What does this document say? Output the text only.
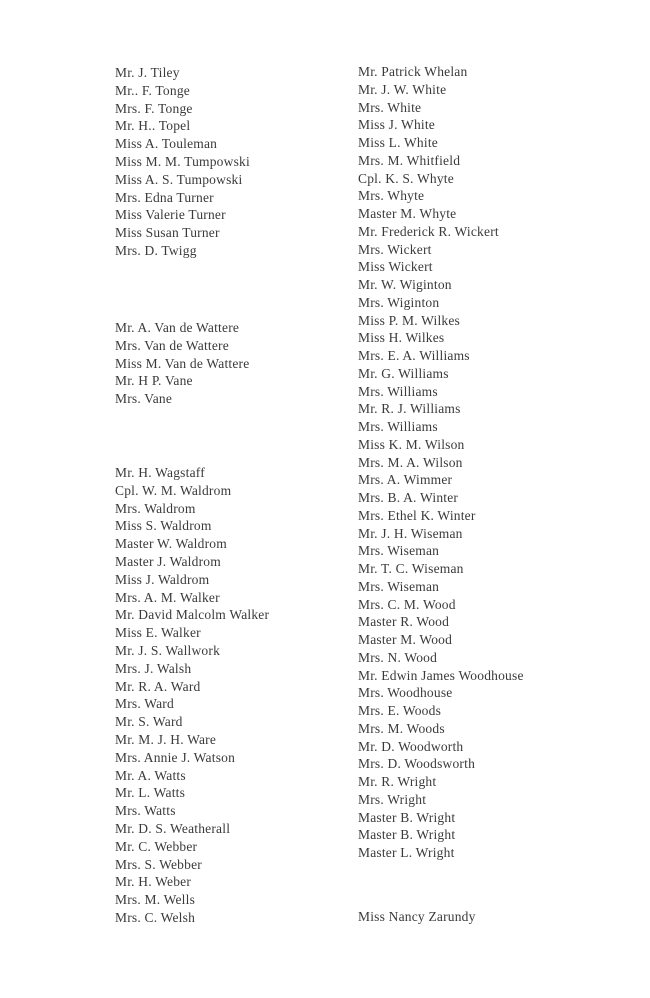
Mr. J. Tiley
Mr.. F. Tonge
Mrs. F. Tonge
Mr. H.. Topel
Miss A. Touleman
Miss M. M. Tumpowski
Miss A. S. Tumpowski
Mrs. Edna Turner
Miss Valerie Turner
Miss Susan Turner
Mrs. D. Twigg
Mr. A. Van de Wattere
Mrs. Van de Wattere
Miss M. Van de Wattere
Mr. H P. Vane
Mrs. Vane
Mr. H. Wagstaff
Cpl. W. M. Waldrom
Mrs. Waldrom
Miss S. Waldrom
Master W. Waldrom
Master J. Waldrom
Miss J. Waldrom
Mrs. A. M. Walker
Mr. David Malcolm Walker
Miss E. Walker
Mr. J. S. Wallwork
Mrs. J. Walsh
Mr. R. A. Ward
Mrs. Ward
Mr. S. Ward
Mr. M. J. H. Ware
Mrs. Annie J. Watson
Mr. A. Watts
Mr. L. Watts
Mrs. Watts
Mr. D. S. Weatherall
Mr. C. Webber
Mrs. S. Webber
Mr. H. Weber
Mrs. M. Wells
Mrs. C. Welsh
Mr. Patrick Whelan
Mr. J. W. White
Mrs. White
Miss J. White
Miss L. White
Mrs. M. Whitfield
Cpl. K. S. Whyte
Mrs. Whyte
Master M. Whyte
Mr. Frederick R. Wickert
Mrs. Wickert
Miss Wickert
Mr. W. Wiginton
Mrs. Wiginton
Miss P. M. Wilkes
Miss H. Wilkes
Mrs. E. A. Williams
Mr. G. Williams
Mrs. Williams
Mr. R. J. Williams
Mrs. Williams
Miss K. M. Wilson
Mrs. M. A. Wilson
Mrs. A. Wimmer
Mrs. B. A. Winter
Mrs. Ethel K. Winter
Mr. J. H. Wiseman
Mrs. Wiseman
Mr. T. C. Wiseman
Mrs. Wiseman
Mrs. C. M. Wood
Master R. Wood
Master M. Wood
Mrs. N. Wood
Mr. Edwin James Woodhouse
Mrs. Woodhouse
Mrs. E. Woods
Mrs. M. Woods
Mr. D. Woodworth
Mrs. D. Woodsworth
Mr. R. Wright
Mrs. Wright
Master B. Wright
Master B. Wright
Master L. Wright
Miss Nancy Zarundy
